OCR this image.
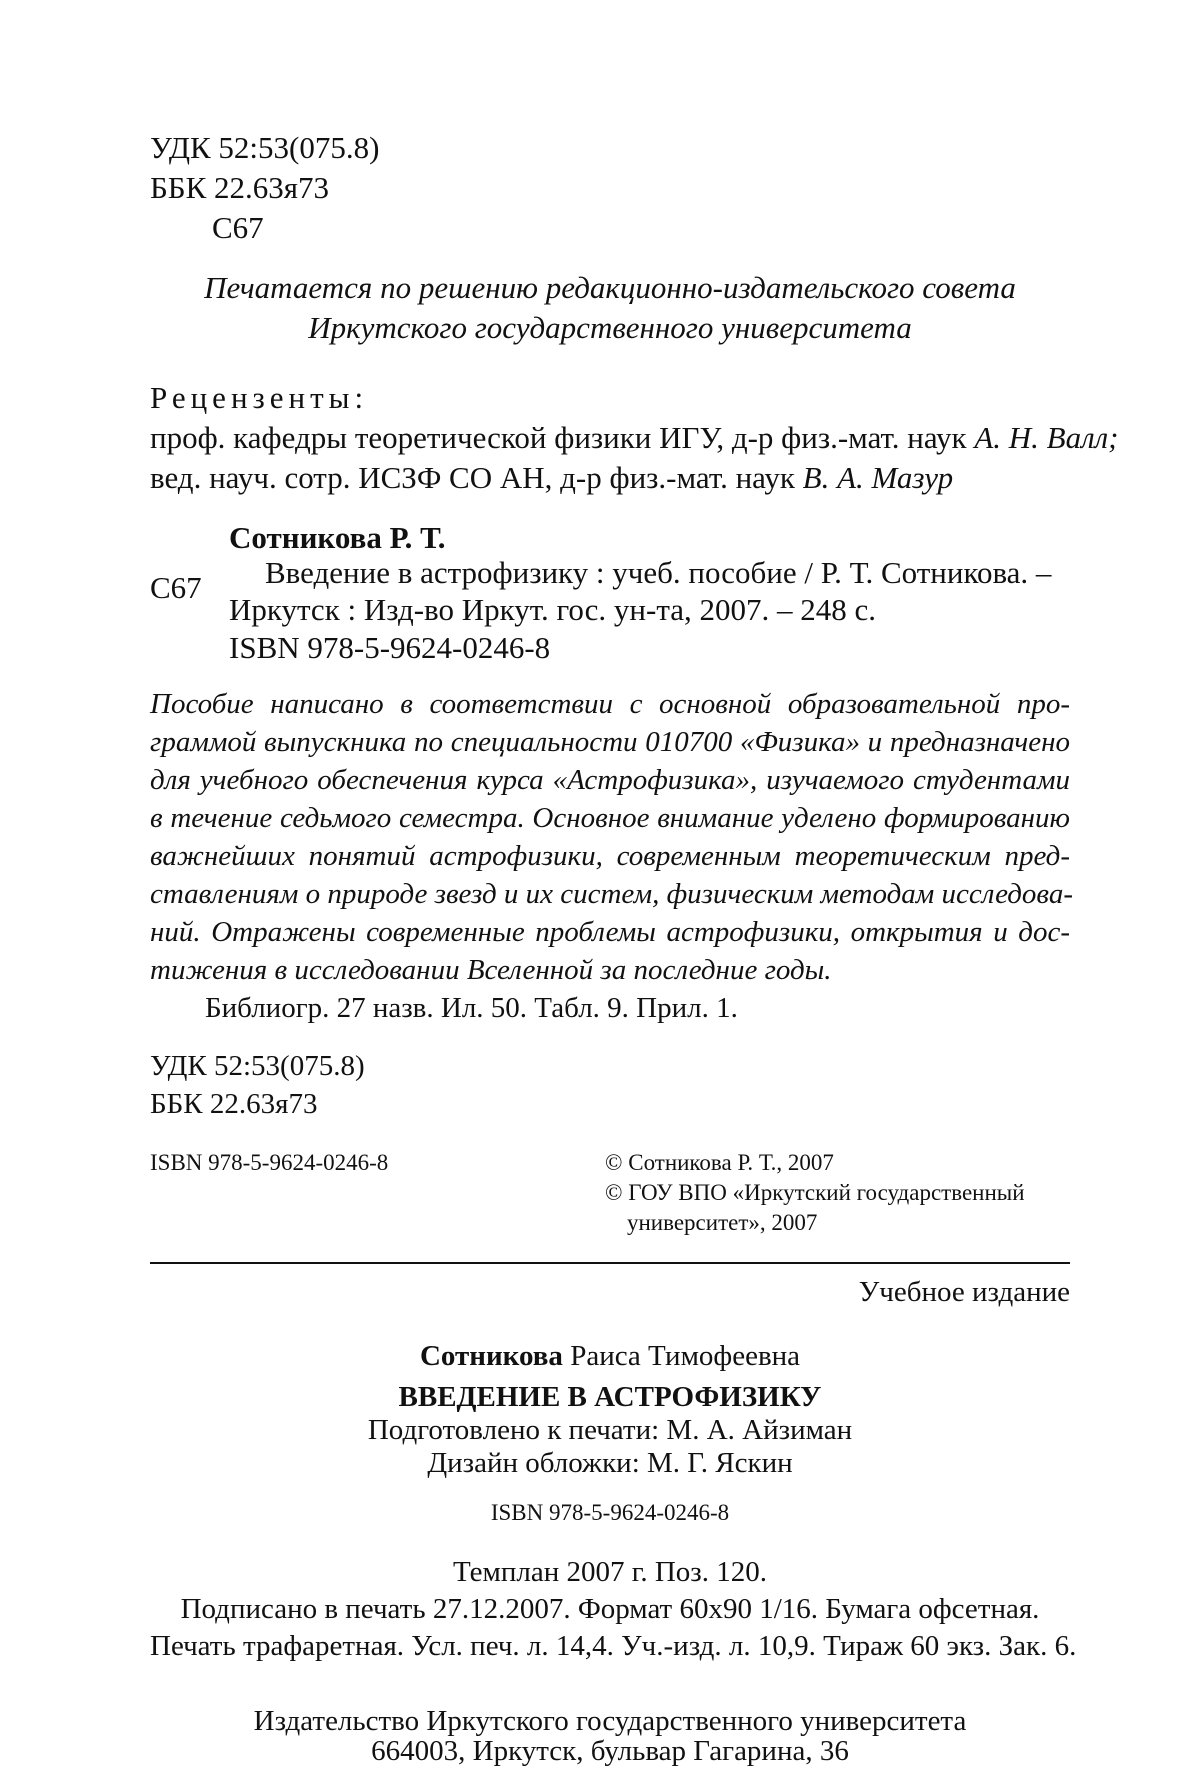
УДК 52:53(075.8)
ББК 22.63я73
С67
Печатается по решению редакционно-издательского совета
Иркутского государственного университета
Рецензенты:
проф. кафедры теоретической физики ИГУ, д-р физ.-мат. наук А. Н. Валл;
вед. науч. сотр. ИСЗФ СО АН, д-р физ.-мат. наук В. А. Мазур
С67
Сотникова Р. Т.
Введение в астрофизику : учеб. пособие / Р. Т. Сотникова. –
Иркутск : Изд-во Иркут. гос. ун-та, 2007. – 248 с.
ISBN 978-5-9624-0246-8
Пособие написано в соответствии с основной образовательной про-
граммой выпускника по специальности 010700 «Физика» и предназначено
для учебного обеспечения курса «Астрофизика», изучаемого студентами
в течение седьмого семестра. Основное внимание уделено формированию
важнейших понятий астрофизики, современным теоретическим пред-
ставлениям о природе звезд и их систем, физическим методам исследова-
ний. Отражены современные проблемы астрофизики, открытия и дос-
тижения в исследовании Вселенной за последние годы.
Библиогр. 27 назв. Ил. 50. Табл. 9. Прил. 1.
УДК 52:53(075.8)
ББК 22.63я73
ISBN 978-5-9624-0246-8	© Сотникова Р. Т., 2007
© ГОУ ВПО «Иркутский государственный
университет», 2007
Учебное издание
Сотникова Раиса Тимофеевна
ВВЕДЕНИЕ В АСТРОФИЗИКУ
Подготовлено к печати: М. А. Айзиман
Дизайн обложки: М. Г. Яскин
ISBN 978-5-9624-0246-8
Темплан 2007 г. Поз. 120.
Подписано в печать 27.12.2007. Формат 60х90 1/16. Бумага офсетная.
Печать трафаретная. Усл. печ. л. 14,4. Уч.-изд. л. 10,9. Тираж 60 экз. Зак. 6.
Издательство Иркутского государственного университета
664003, Иркутск, бульвар Гагарина, 36
